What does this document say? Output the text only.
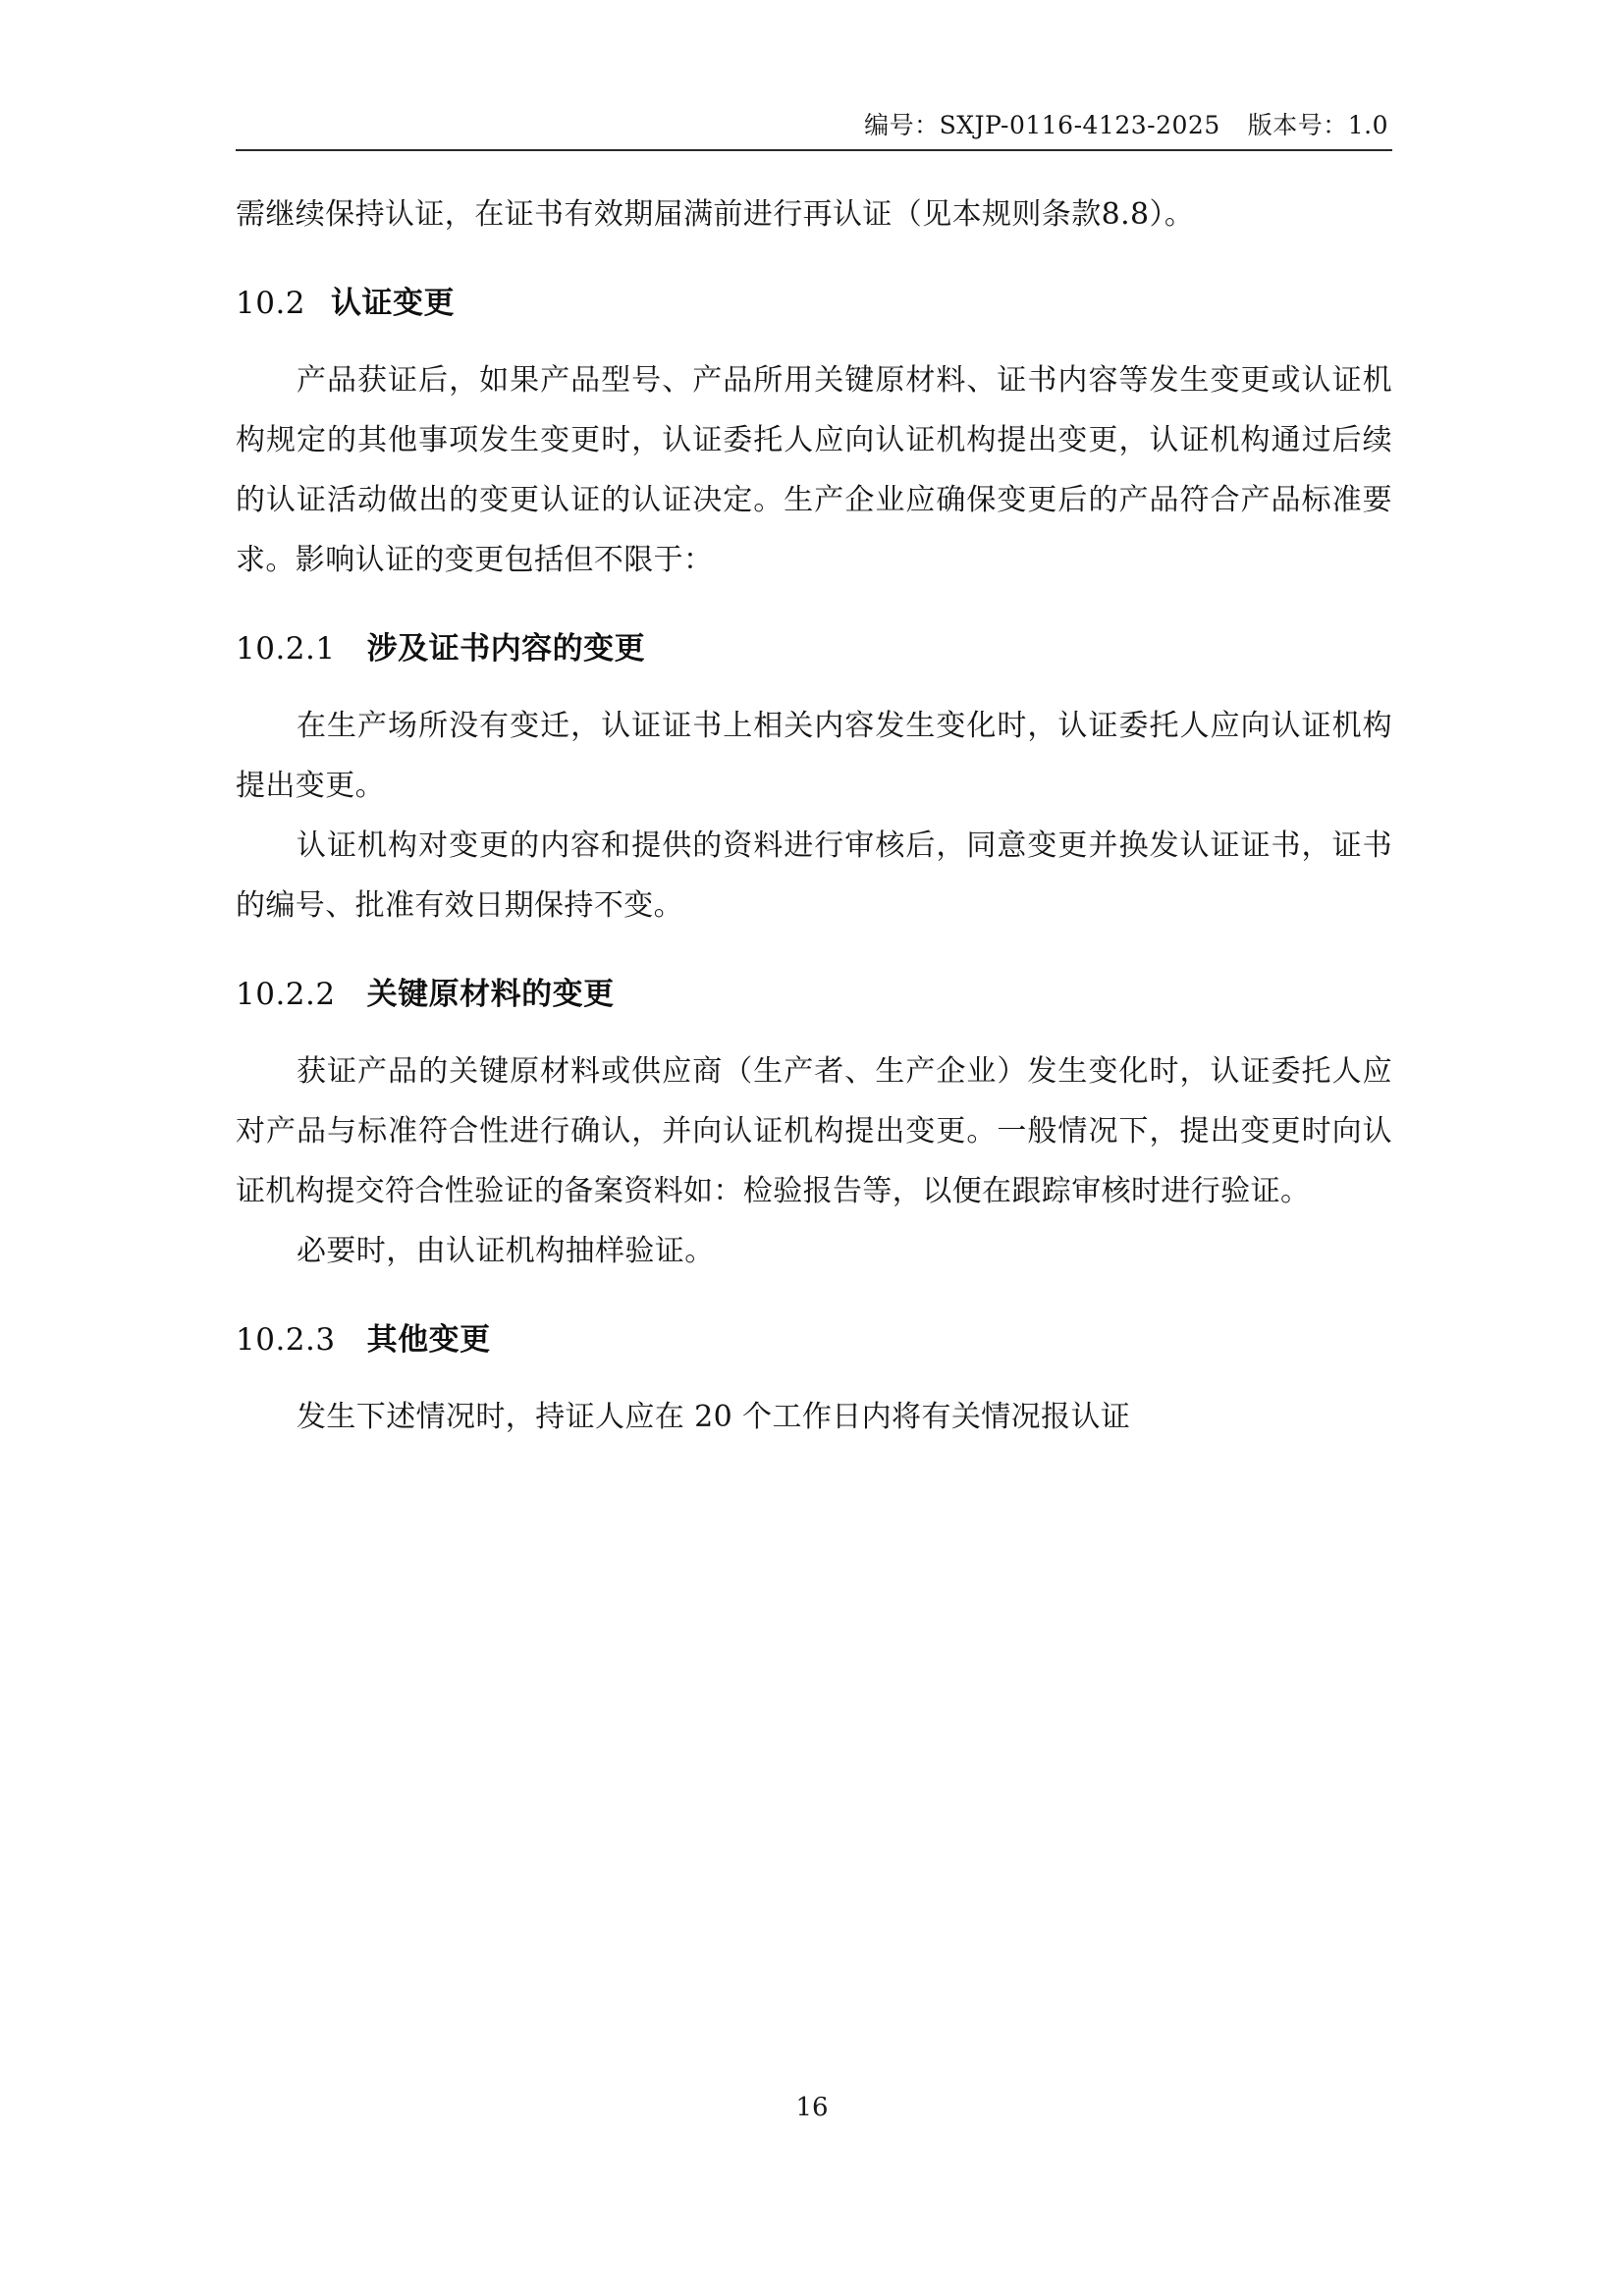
编号：SXJP-0116-4123-2025 版本号：1.0

需继续保持认证，在证书有效期届满前进行再认证（见本规则条款8.8）。

10.2 认证变更

产品获证后，如果产品型号、产品所用关键原材料、证书内容等发生变更或认证机构规定的其他事项发生变更时，认证委托人应向认证机构提出变更，认证机构通过后续的认证活动做出的变更认证的认证决定。生产企业应确保变更后的产品符合产品标准要求。影响认证的变更包括但不限于：

10.2.1 涉及证书内容的变更

在生产场所没有变迁，认证证书上相关内容发生变化时，认证委托人应向认证机构提出变更。

认证机构对变更的内容和提供的资料进行审核后，同意变更并换发认证证书，证书的编号、批准有效日期保持不变。

10.2.2 关键原材料的变更

获证产品的关键原材料或供应商（生产者、生产企业）发生变化时，认证委托人应对产品与标准符合性进行确认，并向认证机构提出变更。一般情况下，提出变更时向认证机构提交符合性验证的备案资料如：检验报告等，以便在跟踪审核时进行验证。

必要时，由认证机构抽样验证。

10.2.3 其他变更

发生下述情况时，持证人应在 20 个工作日内将有关情况报认证

16
